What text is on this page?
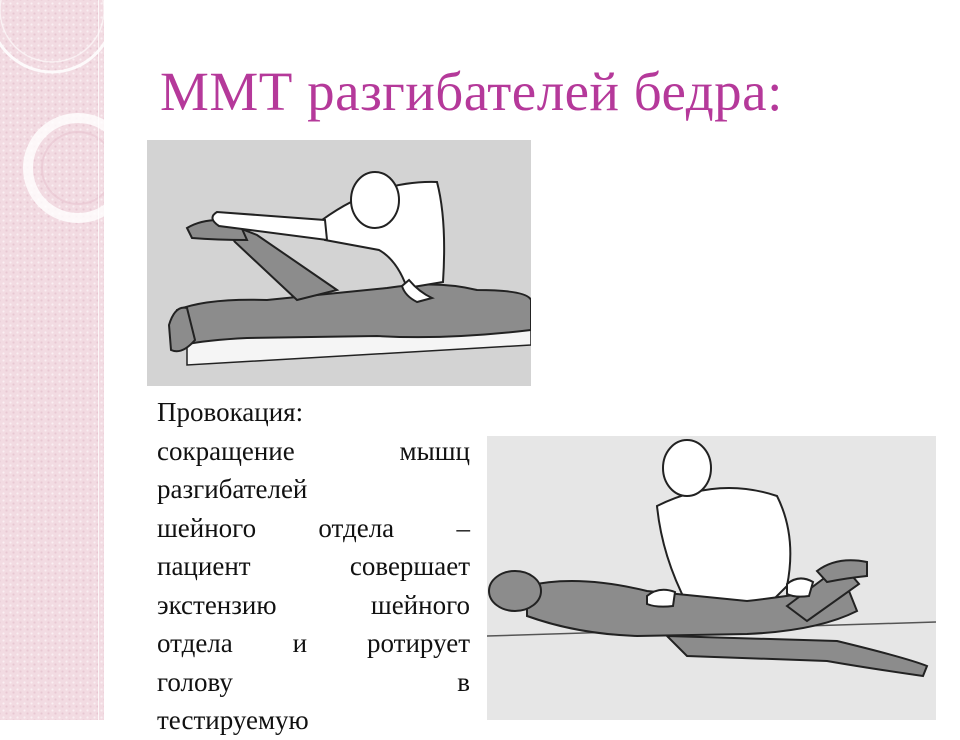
ММТ разгибателей бедра:
Провокация:
сокращение мышц
разгибателей
шейного отдела –
пациент совершает
экстензию шейного
отдела и ротирует
голову в
тестируемую
